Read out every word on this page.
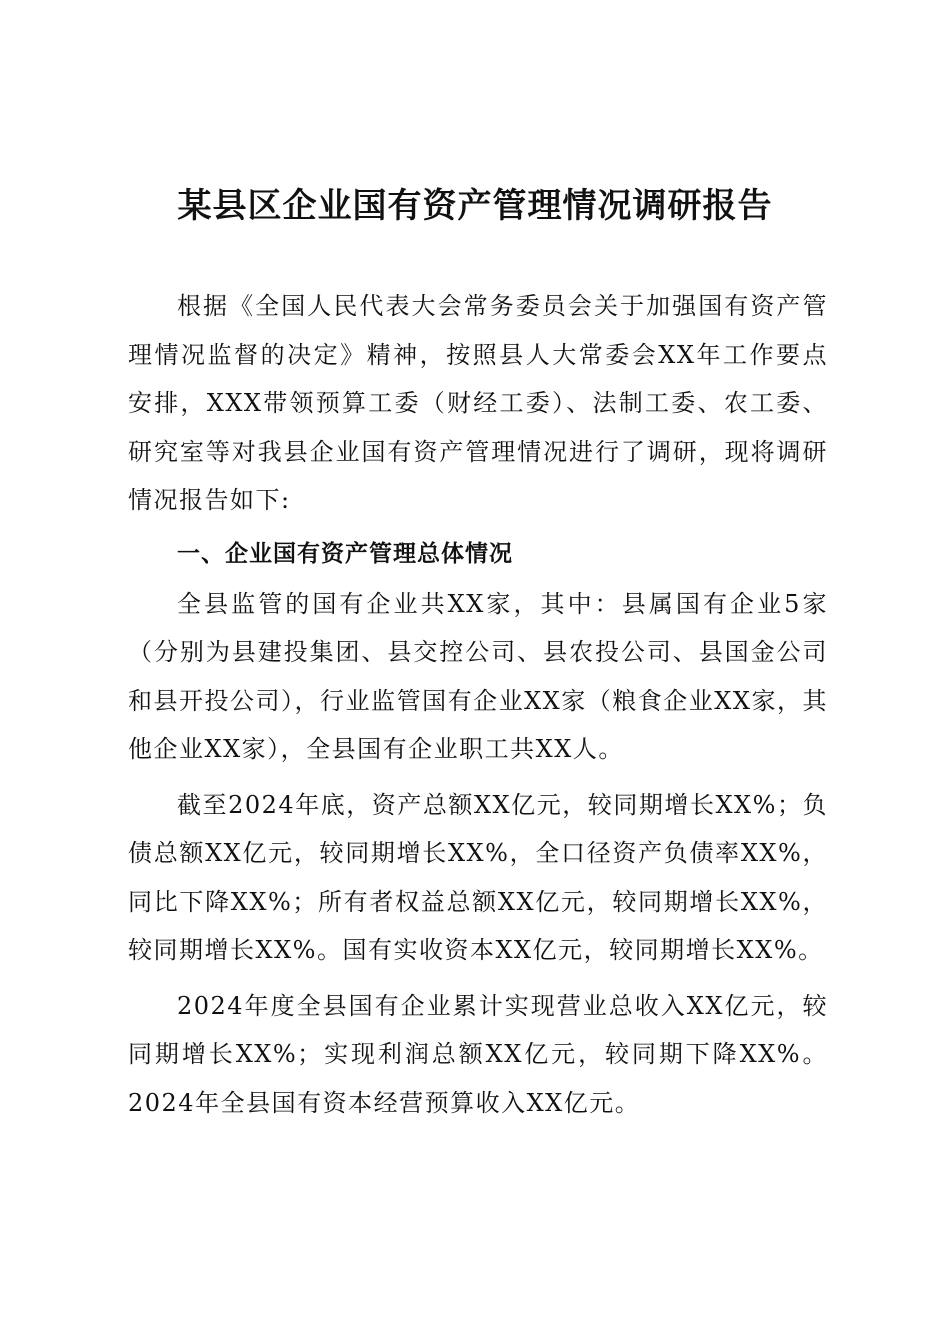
某县区企业国有资产管理情况调研报告

根据《全国人民代表大会常务委员会关于加强国有资产管理情况监督的决定》精神，按照县人大常委会XX年工作要点安排，XXX带领预算工委（财经工委）、法制工委、农工委、研究室等对我县企业国有资产管理情况进行了调研，现将调研情况报告如下:

一、企业国有资产管理总体情况

全县监管的国有企业共XX家，其中：县属国有企业5家（分别为县建投集团、县交控公司、县农投公司、县国金公司和县开投公司），行业监管国有企业XX家（粮食企业XX家，其他企业XX家），全县国有企业职工共XX人。

截至2024年底，资产总额XX亿元，较同期增长XX%；负债总额XX亿元，较同期增长XX%，全口径资产负债率XX%，同比下降XX%；所有者权益总额XX亿元，较同期增长XX%，较同期增长XX%。国有实收资本XX亿元，较同期增长XX%。

2024年度全县国有企业累计实现营业总收入XX亿元，较同期增长XX%；实现利润总额XX亿元，较同期下降XX%。2024年全县国有资本经营预算收入XX亿元。
